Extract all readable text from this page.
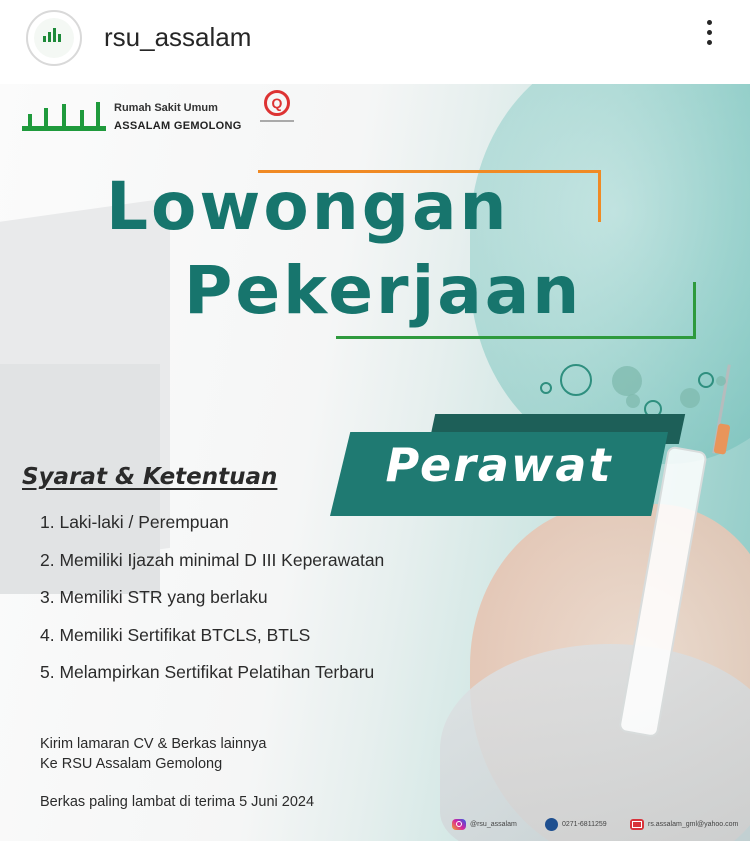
rsu_assalam
Rumah Sakit Umum
ASSALAM GEMOLONG
Q
Lowongan
Pekerjaan
Perawat
Syarat & Ketentuan
1. Laki-laki / Perempuan
2. Memiliki Ijazah minimal D III Keperawatan
3. Memiliki STR yang berlaku
4. Memiliki Sertifikat BTCLS, BTLS
5. Melampirkan Sertifikat Pelatihan Terbaru
Kirim lamaran CV & Berkas lainnya
Ke RSU Assalam Gemolong
Berkas paling lambat di terima 5 Juni 2024
@rsu_assalam	0271-6811259	rs.assalam_gml@yahoo.com
